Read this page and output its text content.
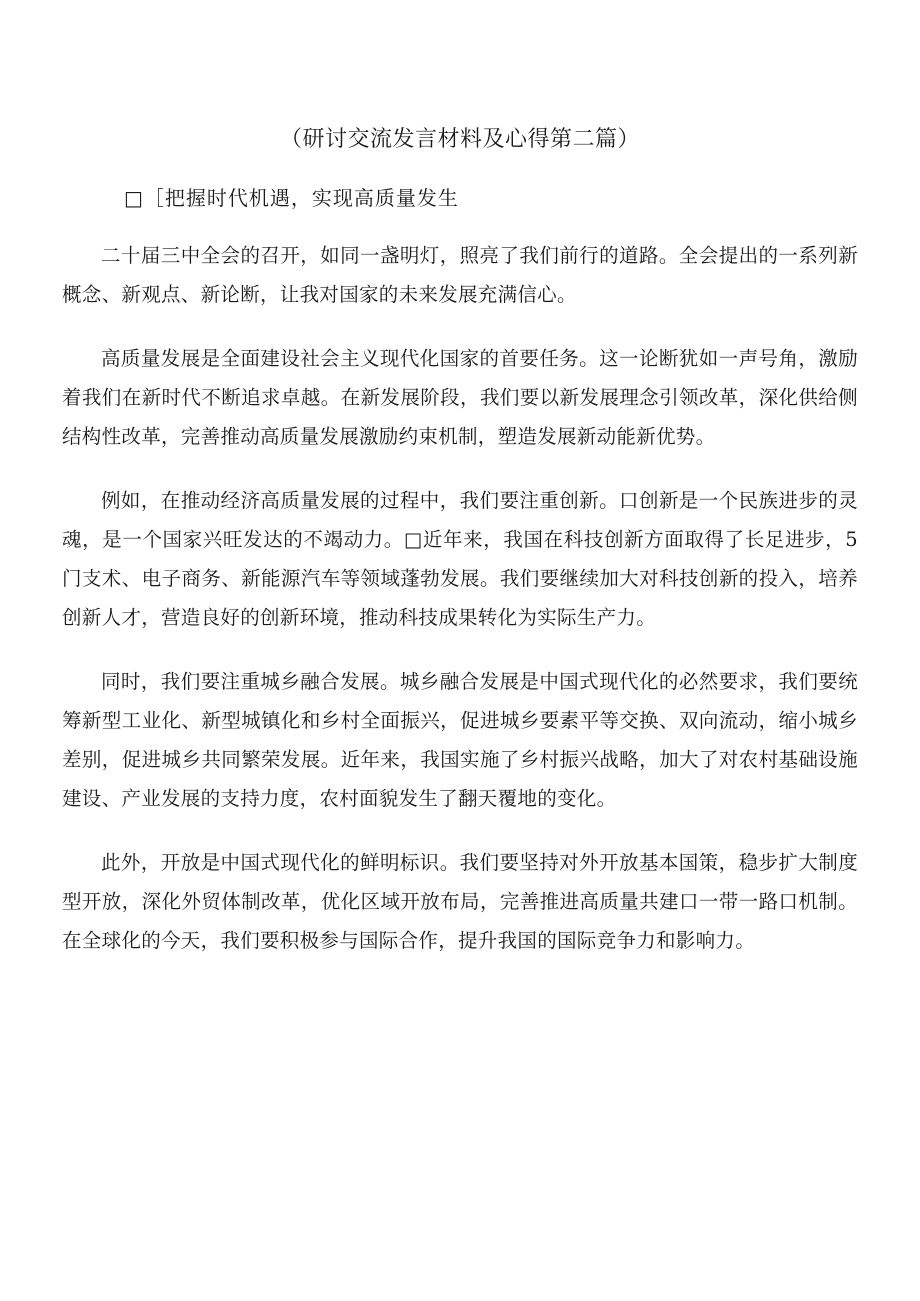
（研讨交流发言材料及心得第二篇）
□［把握时代机遇，实现高质量发生

二十届三中全会的召开，如同一盏明灯，照亮了我们前行的道路。全会提出的一系列新概念、新观点、新论断，让我对国家的未来发展充满信心。

高质量发展是全面建设社会主义现代化国家的首要任务。这一论断犹如一声号角，激励着我们在新时代不断追求卓越。在新发展阶段，我们要以新发展理念引领改革，深化供给侧结构性改革，完善推动高质量发展激励约束机制，塑造发展新动能新优势。

例如，在推动经济高质量发展的过程中，我们要注重创新。口创新是一个民族进步的灵魂，是一个国家兴旺发达的不竭动力。□近年来，我国在科技创新方面取得了长足进步，5门支术、电子商务、新能源汽车等领域蓬勃发展。我们要继续加大对科技创新的投入，培养创新人才，营造良好的创新环境，推动科技成果转化为实际生产力。

同时，我们要注重城乡融合发展。城乡融合发展是中国式现代化的必然要求，我们要统筹新型工业化、新型城镇化和乡村全面振兴，促进城乡要素平等交换、双向流动，缩小城乡差别，促进城乡共同繁荣发展。近年来，我国实施了乡村振兴战略，加大了对农村基础设施建设、产业发展的支持力度，农村面貌发生了翻天覆地的变化。

此外，开放是中国式现代化的鲜明标识。我们要坚持对外开放基本国策，稳步扩大制度型开放，深化外贸体制改革，优化区域开放布局，完善推进高质量共建口一带一路口机制。在全球化的今天，我们要积极参与国际合作，提升我国的国际竞争力和影响力。
